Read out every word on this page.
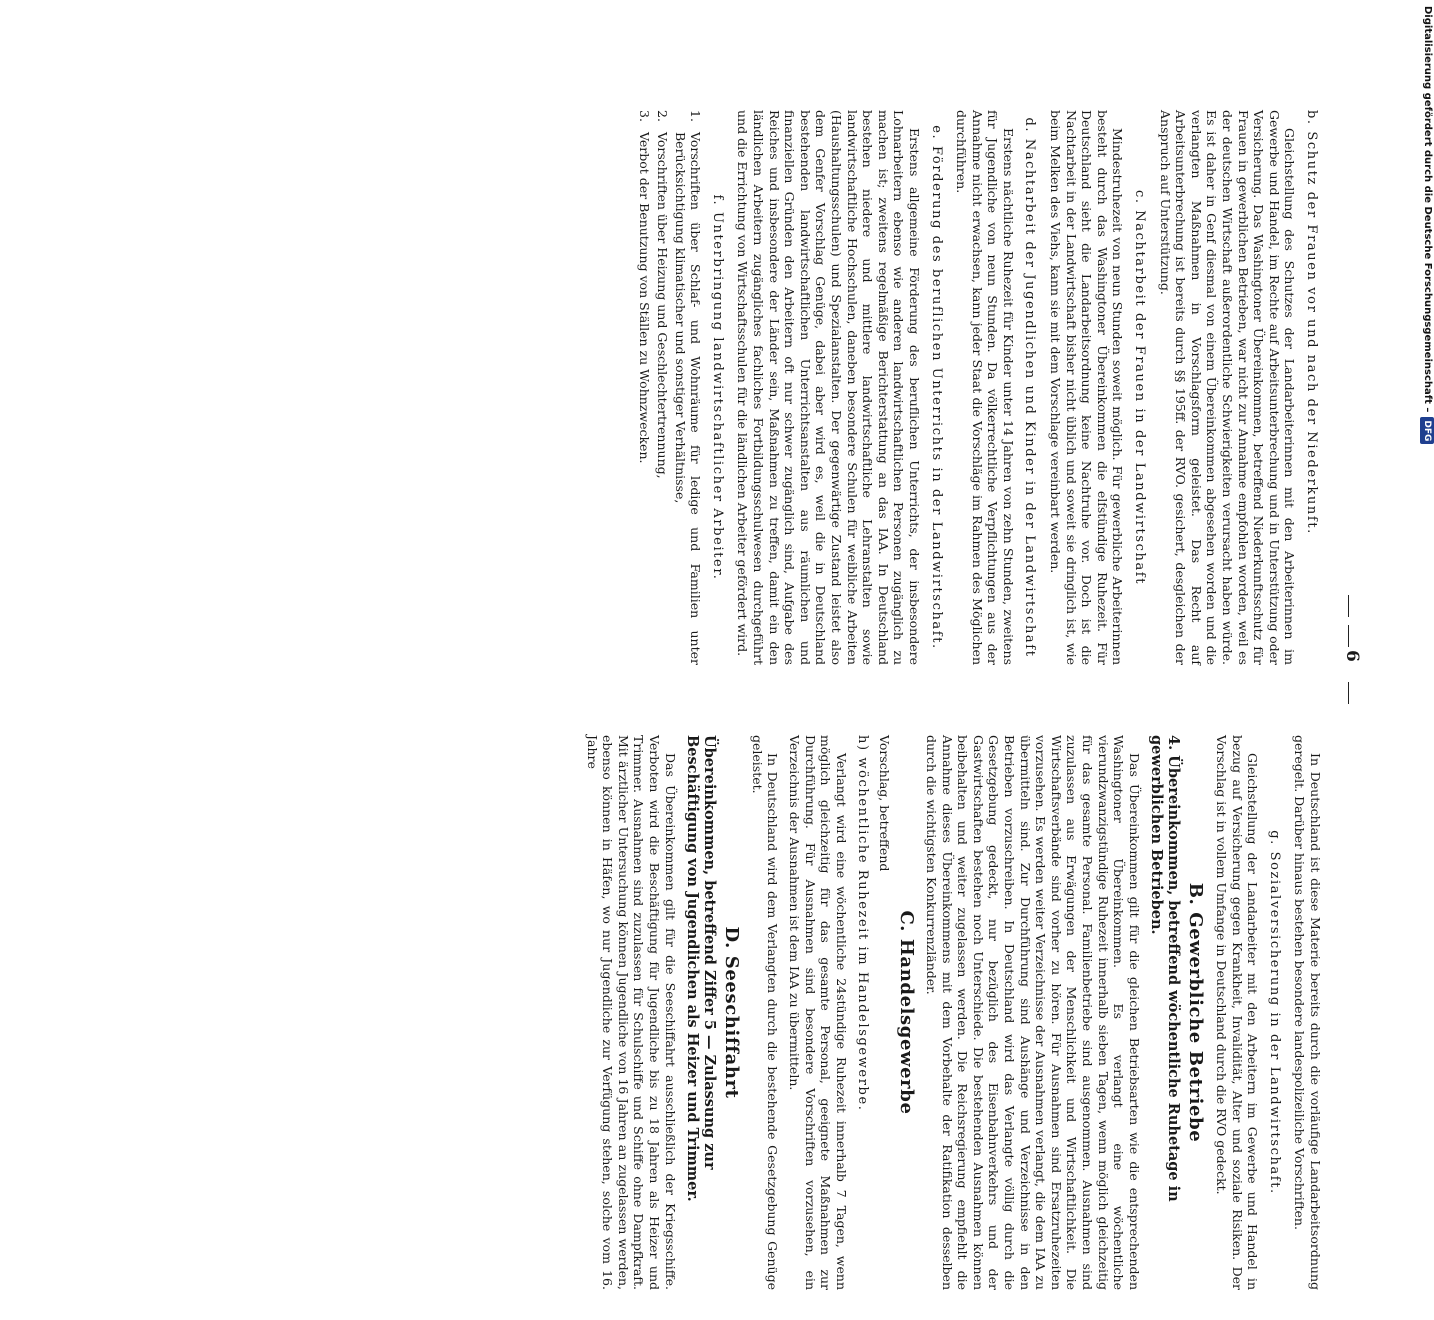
6
b. Schutz der Frauen vor und nach der Niederkunft.
Gleichstellung des Schutzes der Landarbeiterinnen mit den Arbeiterinnen im Gewerbe und Handel, im Rechte auf Arbeitsunterbrechung und in Unterstützung oder Versicherung. Das Washingtoner Übereinkommen, betreffend Niederkunftsschutz für Frauen in gewerblichen Betrieben, war nicht zur Annahme empfohlen worden, weil es der deutschen Wirtschaft außerordentliche Schwierigkeiten verursacht haben würde. Es ist daher in Genf diesmal von einem Übereinkommen abgesehen worden und die verlangten Maßnahmen in Vorschlagsform geleistet. Das Recht auf Arbeitsunterbrechung ist bereits durch §§ 195ff. der RVO. gesichert, desgleichen der Anspruch auf Unterstützung.
c. Nachtarbeit der Frauen in der Landwirtschaft
Mindestruhezeit von neun Stunden soweit möglich. Für gewerbliche Arbeiterinnen besteht durch das Washingtoner Übereinkommen die elfstündige Ruhezeit. Für Deutschland sieht die Landarbeitsordnung keine Nachtruhe vor. Doch ist die Nachtarbeit in der Landwirtschaft bisher nicht üblich und soweit sie dringlich ist, wie beim Melken des Viehs, kann sie mit dem Vorschlage vereinbart werden.
d. Nachtarbeit der Jugendlichen und Kinder in der Landwirtschaft
Erstens nächtliche Ruhezeit für Kinder unter 14 Jahren von zehn Stunden, zweitens für Jugendliche von neun Stunden. Da völkerrechtliche Verpflichtungen aus der Annahme nicht erwachsen, kann jeder Staat die Vorschläge im Rahmen des Möglichen durchführen.
e. Förderung des beruflichen Unterrichts in der Landwirtschaft.
Erstens allgemeine Förderung des beruflichen Unterrichts, der insbesondere Lohnarbeitern ebenso wie anderen landwirtschaftlichen Personen zugänglich zu machen ist; zweitens regelmäßige Berichterstattung an das IAA. In Deutschland bestehen niedere und mittlere landwirtschaftliche Lehranstalten sowie landwirtschaftliche Hochschulen, daneben besondere Schulen für weibliche Arbeiten (Haushaltungsschulen) und Spezialanstalten. Der gegenwärtige Zustand leistet also dem Genfer Vorschlag Genüge, dabei aber wird es, weil die in Deutschland bestehenden landwirtschaftlichen Unterrichtsanstalten aus räumlichen und finanziellen Gründen den Arbeitern oft nur schwer zugänglich sind, Aufgabe des Reiches und insbesondere der Länder sein, Maßnahmen zu treffen, damit ein den ländlichen Arbeitern zugängliches fachliches Fortbildungsschulwesen durchgeführt und die Errichtung von Wirtschaftsschulen für die ländlichen Arbeiter gefördert wird.
f. Unterbringung landwirtschaftlicher Arbeiter.
1.
Vorschriften über Schlaf- und Wohnräume für ledige und Familien unter Berücksichtigung klimatischer und sonstiger Verhältnisse,
2.
Vorschriften über Heizung und Geschlechtertrennung,
3.
Verbot der Benutzung von Ställen zu Wohnzwecken.
In Deutschland ist diese Materie bereits durch die vorläufige Landarbeitsordnung geregelt. Darüber hinaus bestehen besondere landespolizeiliche Vorschriften.
g. Sozialversicherung in der Landwirtschaft.
Gleichstellung der Landarbeiter mit den Arbeitern im Gewerbe und Handel in bezug auf Versicherung gegen Krankheit, Invalidität, Alter und soziale Risiken. Der Vorschlag ist in vollem Umfange in Deutschland durch die RVO gedeckt.
B. Gewerbliche Betriebe
4. Übereinkommen, betreffend wöchentliche Ruhetage in gewerblichen Betrieben.
Das Übereinkommen gilt für die gleichen Betriebsarten wie die entsprechenden Washingtoner Übereinkommen. Es verlangt eine wöchentliche vierundzwanzigstündige Ruhezeit innerhalb sieben Tagen, wenn möglich gleichzeitig für das gesamte Personal. Familienbetriebe sind ausgenommen. Ausnahmen sind zuzulassen aus Erwägungen der Menschlichkeit und Wirtschaftlichkeit. Die Wirtschaftsverbände sind vorher zu hören. Für Ausnahmen sind Ersatzruhezeiten vorzusehen. Es werden weiter Verzeichnisse der Ausnahmen verlangt, die dem IAA zu übermitteln sind. Zur Durchführung sind Aushänge und Verzeichnisse in den Betrieben vorzuschreiben. In Deutschland wird das Verlangte völlig durch die Gesetzgebung gedeckt, nur bezüglich des Eisenbahnverkehrs und der Gastwirtschaften bestehen noch Unterschiede. Die bestehenden Ausnahmen können beibehalten und weiter zugelassen werden. Die Reichsregierung empfiehlt die Annahme dieses Übereinkommens mit dem Vorbehalte der Ratifikation desselben durch die wichtigsten Konkurrenzländer.
C. Handelsgewerbe
Vorschlag, betreffend
h) wöchentliche Ruhezeit im Handelsgewerbe.
Verlangt wird eine wöchentliche 24stündige Ruhezeit innerhalb 7 Tagen, wenn möglich gleichzeitig für das gesamte Personal, geeignete Maßnahmen zur Durchführung. Für Ausnahmen sind besondere Vorschriften vorzusehen, ein Verzeichnis der Ausnahmen ist dem IAA zu übermitteln.
In Deutschland wird dem Verlangten durch die bestehende Gesetzgebung Genüge geleistet.
D. Seeschiffahrt
Übereinkommen, betreffend Ziffer 5 — Zulassung zur Beschäftigung von Jugendlichen als Heizer und Trimmer.
Das Übereinkommen gilt für die Seeschiffahrt ausschließlich der Kriegsschiffe. Verboten wird die Beschäftigung für Jugendliche bis zu 18 Jahren als Heizer und Trimmer. Ausnahmen sind zuzulassen für Schulschiffe und Schiffe ohne Dampfkraft. Mit ärztlicher Untersuchung können Jugendliche von 16 Jahren an zugelassen werden, ebenso können in Häfen, wo nur Jugendliche zur Verfügung stehen, solche vom 16. Jahre
Digitalisierung gefördert durch die Deutsche Forschungsgemeinschaft –DFG
